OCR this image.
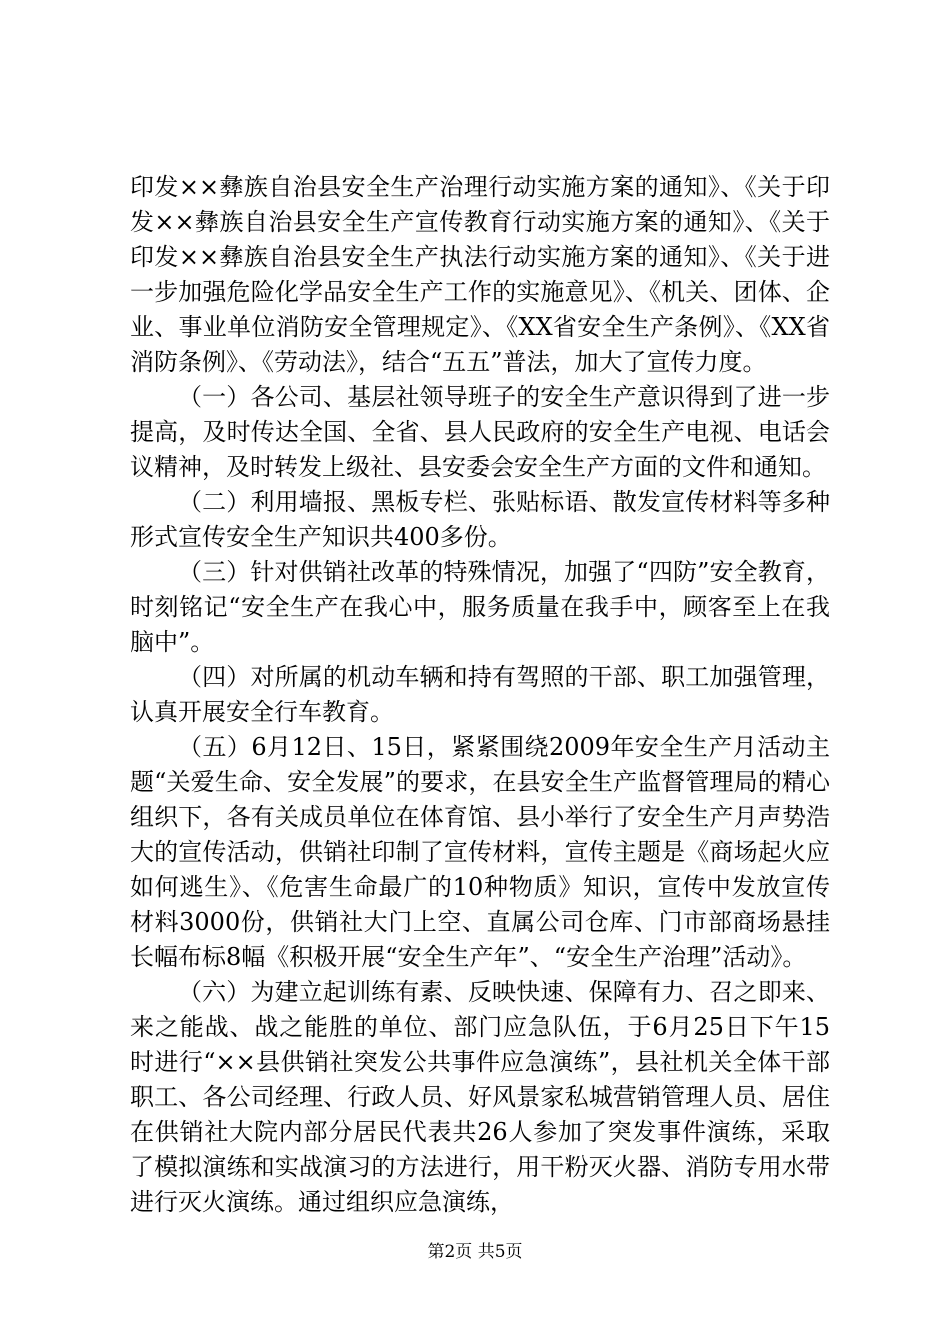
印发××彝族自治县安全生产治理行动实施方案的通知》、《关于印发××彝族自治县安全生产宣传教育行动实施方案的通知》、《关于印发××彝族自治县安全生产执法行动实施方案的通知》、《关于进一步加强危险化学品安全生产工作的实施意见》、《机关、团体、企业、事业单位消防安全管理规定》、《XX省安全生产条例》、《XX省消防条例》、《劳动法》，结合“五五”普法，加大了宣传力度。

（一）各公司、基层社领导班子的安全生产意识得到了进一步提高，及时传达全国、全省、县人民政府的安全生产电视、电话会议精神，及时转发上级社、县安委会安全生产方面的文件和通知。

（二）利用墙报、黑板专栏、张贴标语、散发宣传材料等多种形式宣传安全生产知识共400多份。

（三）针对供销社改革的特殊情况，加强了“四防”安全教育，时刻铭记“安全生产在我心中，服务质量在我手中，顾客至上在我脑中”。

（四）对所属的机动车辆和持有驾照的干部、职工加强管理，认真开展安全行车教育。

（五）6月12日、15日，紧紧围绕2009年安全生产月活动主题“关爱生命、安全发展”的要求，在县安全生产监督管理局的精心组织下，各有关成员单位在体育馆、县小举行了安全生产月声势浩大的宣传活动，供销社印制了宣传材料，宣传主题是《商场起火应如何逃生》、《危害生命最广的10种物质》知识，宣传中发放宣传材料3000份，供销社大门上空、直属公司仓库、门市部商场悬挂长幅布标8幅《积极开展“安全生产年”、“安全生产治理”活动》。

（六）为建立起训练有素、反映快速、保障有力、召之即来、来之能战、战之能胜的单位、部门应急队伍，于6月25日下午15时进行“××县供销社突发公共事件应急演练”，县社机关全体干部职工、各公司经理、行政人员、好风景家私城营销管理人员、居住在供销社大院内部分居民代表共26人参加了突发事件演练，采取了模拟演练和实战演习的方法进行，用干粉灭火器、消防专用水带进行灭火演练。通过组织应急演练，

第2页 共5页
